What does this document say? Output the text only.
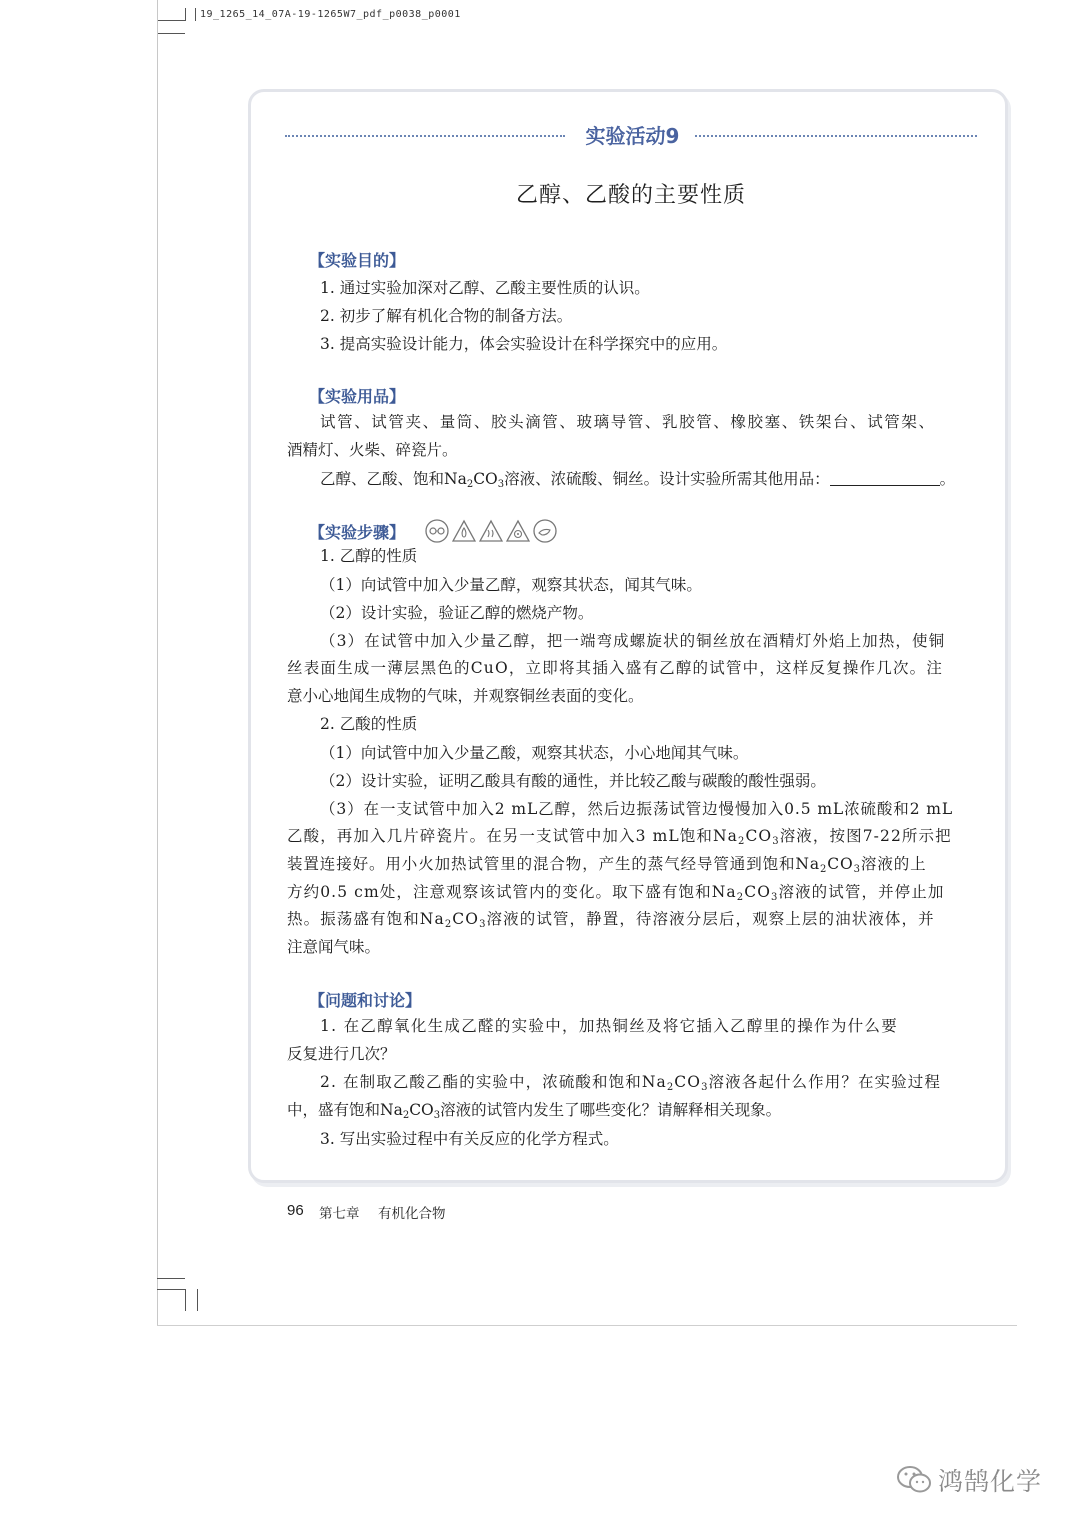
19_1265_14_07A-19-1265W7_pdf_p0038_p0001
实验活动9
乙醇、乙酸的主要性质
【实验目的】
1. 通过实验加深对乙醇、乙酸主要性质的认识。
2. 初步了解有机化合物的制备方法。
3. 提高实验设计能力，体会实验设计在科学探究中的应用。
【实验用品】
试管、试管夹、量筒、胶头滴管、玻璃导管、乳胶管、橡胶塞、铁架台、试管架、
酒精灯、火柴、碎瓷片。
乙醇、乙酸、饱和$Na_2CO_3$溶液、浓硫酸、铜丝。设计实验所需其他用品：	。
【实验步骤】
1. 乙醇的性质
（1）向试管中加入少量乙醇，观察其状态，闻其气味。
（2）设计实验，验证乙醇的燃烧产物。
（3）在试管中加入少量乙醇，把一端弯成螺旋状的铜丝放在酒精灯外焰上加热，使铜
丝表面生成一薄层黑色的CuO，立即将其插入盛有乙醇的试管中，这样反复操作几次。注
意小心地闻生成物的气味，并观察铜丝表面的变化。
2. 乙酸的性质
（1）向试管中加入少量乙酸，观察其状态，小心地闻其气味。
（2）设计实验，证明乙酸具有酸的通性，并比较乙酸与碳酸的酸性强弱。
（3）在一支试管中加入2 mL乙醇，然后边振荡试管边慢慢加入0.5 mL浓硫酸和2 mL
乙酸，再加入几片碎瓷片。在另一支试管中加入3 mL饱和$Na_2CO_3$溶液，按图7-22所示把
装置连接好。用小火加热试管里的混合物，产生的蒸气经导管通到饱和$Na_2CO_3$溶液的上
方约0.5 cm处，注意观察该试管内的变化。取下盛有饱和$Na_2CO_3$溶液的试管，并停止加
热。振荡盛有饱和$Na_2CO_3$溶液的试管，静置，待溶液分层后，观察上层的油状液体，并
注意闻气味。
【问题和讨论】
1. 在乙醇氧化生成乙醛的实验中，加热铜丝及将它插入乙醇里的操作为什么要
反复进行几次？
2. 在制取乙酸乙酯的实验中，浓硫酸和饱和$Na_2CO_3$溶液各起什么作用？在实验过程
中，盛有饱和$Na_2CO_3$溶液的试管内发生了哪些变化？请解释相关现象。
3. 写出实验过程中有关反应的化学方程式。
96 第七章 有机化合物
鸿鹄化学
